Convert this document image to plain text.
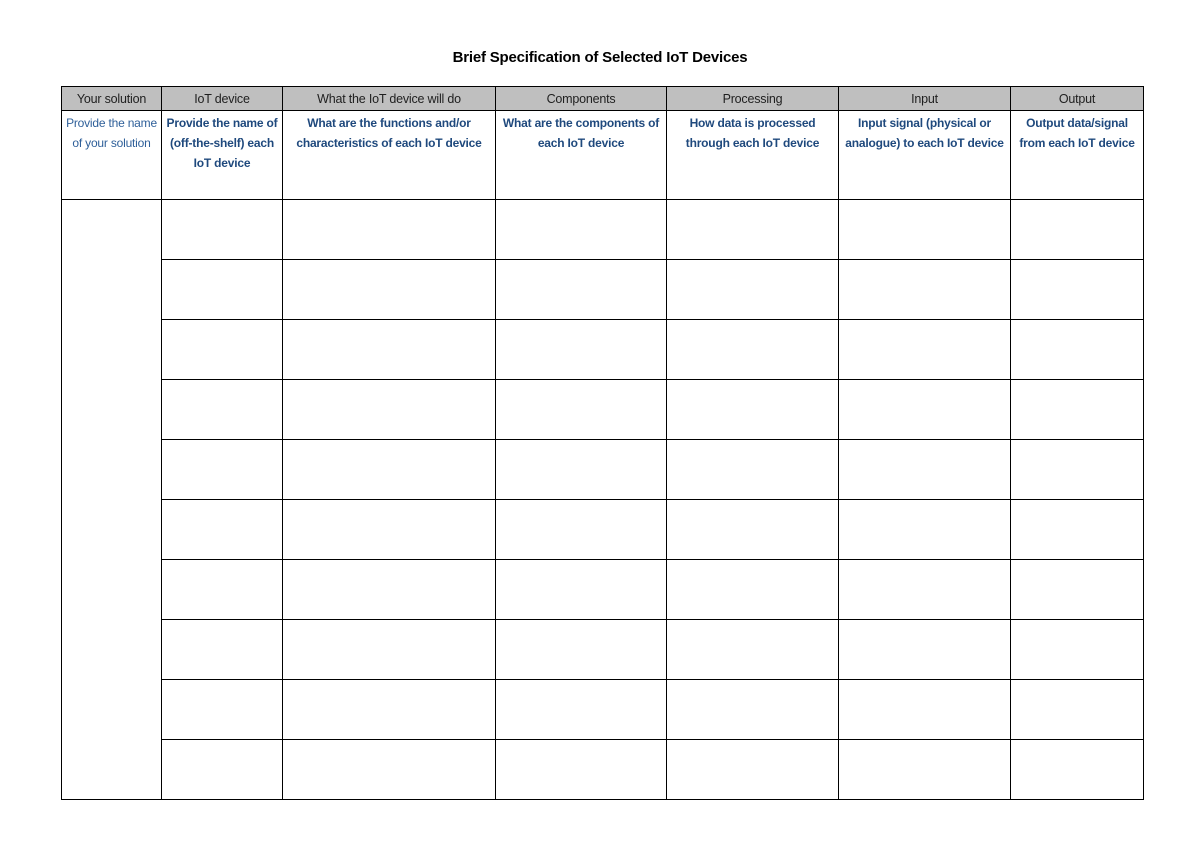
Brief Specification of Selected IoT Devices
Your solution	IoT device	What the IoT device will do	Components	Processing	Input	Output
Provide the name of your solution	Provide the name of (off-the-shelf) each IoT device	What are the functions and/or characteristics of each IoT device	What are the components of each IoT device	How data is processed through each IoT device	Input signal (physical or analogue) to each IoT device	Output data/signal from each IoT device
